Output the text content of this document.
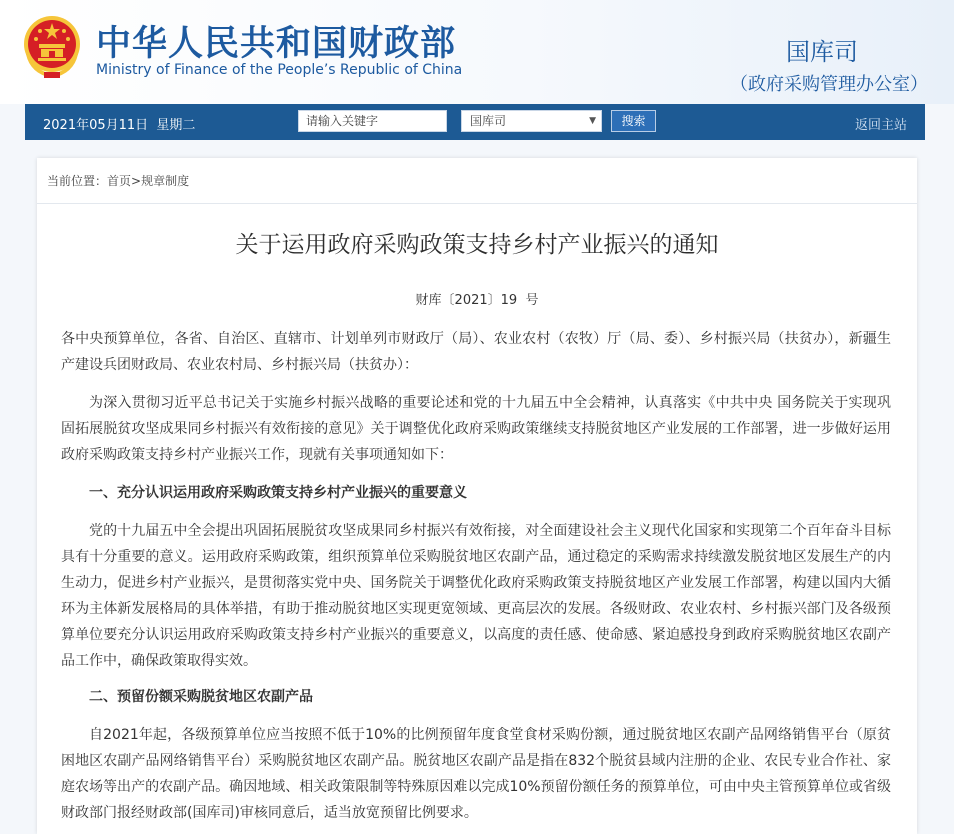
中华人民共和国财政部
Ministry of Finance of the People’s Republic of China
国库司
（政府采购管理办公室）
2021年05月11日  星期二
请输入关键字	国库司	▼	搜索	返回主站
当前位置：首页>规章制度
关于运用政府采购政策支持乡村产业振兴的通知
财库〔2021〕19  号

各中央预算单位，各省、自治区、直辖市、计划单列市财政厅（局）、农业农村（农牧）厅（局、委）、乡村振兴局（扶贫办），新疆生产建设兵团财政局、农业农村局、乡村振兴局（扶贫办）：

为深入贯彻习近平总书记关于实施乡村振兴战略的重要论述和党的十九届五中全会精神，认真落实《中共中央 国务院关于实现巩固拓展脱贫攻坚成果同乡村振兴有效衔接的意见》关于调整优化政府采购政策继续支持脱贫地区产业发展的工作部署，进一步做好运用政府采购政策支持乡村产业振兴工作，现就有关事项通知如下：

一、充分认识运用政府采购政策支持乡村产业振兴的重要意义

党的十九届五中全会提出巩固拓展脱贫攻坚成果同乡村振兴有效衔接，对全面建设社会主义现代化国家和实现第二个百年奋斗目标具有十分重要的意义。运用政府采购政策，组织预算单位采购脱贫地区农副产品，通过稳定的采购需求持续激发脱贫地区发展生产的内生动力，促进乡村产业振兴，是贯彻落实党中央、国务院关于调整优化政府采购政策支持脱贫地区产业发展工作部署，构建以国内大循环为主体新发展格局的具体举措，有助于推动脱贫地区实现更宽领域、更高层次的发展。各级财政、农业农村、乡村振兴部门及各级预算单位要充分认识运用政府采购政策支持乡村产业振兴的重要意义，以高度的责任感、使命感、紧迫感投身到政府采购脱贫地区农副产品工作中，确保政策取得实效。

二、预留份额采购脱贫地区农副产品

自2021年起，各级预算单位应当按照不低于10%的比例预留年度食堂食材采购份额，通过脱贫地区农副产品网络销售平台（原贫困地区农副产品网络销售平台）采购脱贫地区农副产品。脱贫地区农副产品是指在832个脱贫县域内注册的企业、农民专业合作社、家庭农场等出产的农副产品。确因地域、相关政策限制等特殊原因难以完成10%预留份额任务的预算单位，可由中央主管预算单位或省级财政部门报经财政部(国库司)审核同意后，适当放宽预留比例要求。
